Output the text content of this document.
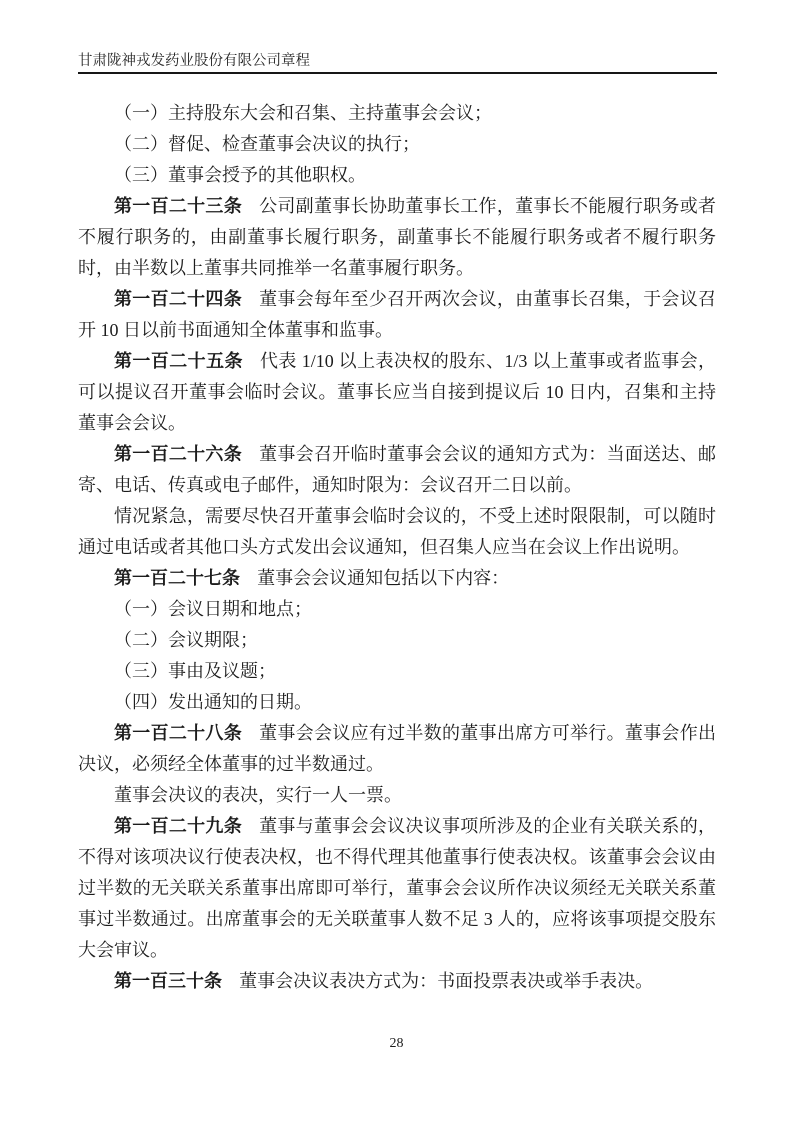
甘肃陇神戎发药业股份有限公司章程

（一）主持股东大会和召集、主持董事会会议；

（二）督促、检查董事会决议的执行；

（三）董事会授予的其他职权。

第一百二十三条 公司副董事长协助董事长工作，董事长不能履行职务或者不履行职务的，由副董事长履行职务，副董事长不能履行职务或者不履行职务时，由半数以上董事共同推举一名董事履行职务。

第一百二十四条 董事会每年至少召开两次会议，由董事长召集，于会议召开 10 日以前书面通知全体董事和监事。

第一百二十五条 代表 1/10 以上表决权的股东、1/3 以上董事或者监事会，可以提议召开董事会临时会议。董事长应当自接到提议后 10 日内，召集和主持董事会会议。

第一百二十六条 董事会召开临时董事会会议的通知方式为：当面送达、邮寄、电话、传真或电子邮件，通知时限为：会议召开二日以前。

情况紧急，需要尽快召开董事会临时会议的，不受上述时限限制，可以随时通过电话或者其他口头方式发出会议通知，但召集人应当在会议上作出说明。

第一百二十七条 董事会会议通知包括以下内容：

（一）会议日期和地点；

（二）会议期限；

（三）事由及议题；

（四）发出通知的日期。

第一百二十八条 董事会会议应有过半数的董事出席方可举行。董事会作出决议，必须经全体董事的过半数通过。

董事会决议的表决，实行一人一票。

第一百二十九条 董事与董事会会议决议事项所涉及的企业有关联关系的，不得对该项决议行使表决权，也不得代理其他董事行使表决权。该董事会会议由过半数的无关联关系董事出席即可举行，董事会会议所作决议须经无关联关系董事过半数通过。出席董事会的无关联董事人数不足 3 人的，应将该事项提交股东大会审议。

第一百三十条 董事会决议表决方式为：书面投票表决或举手表决。

28
